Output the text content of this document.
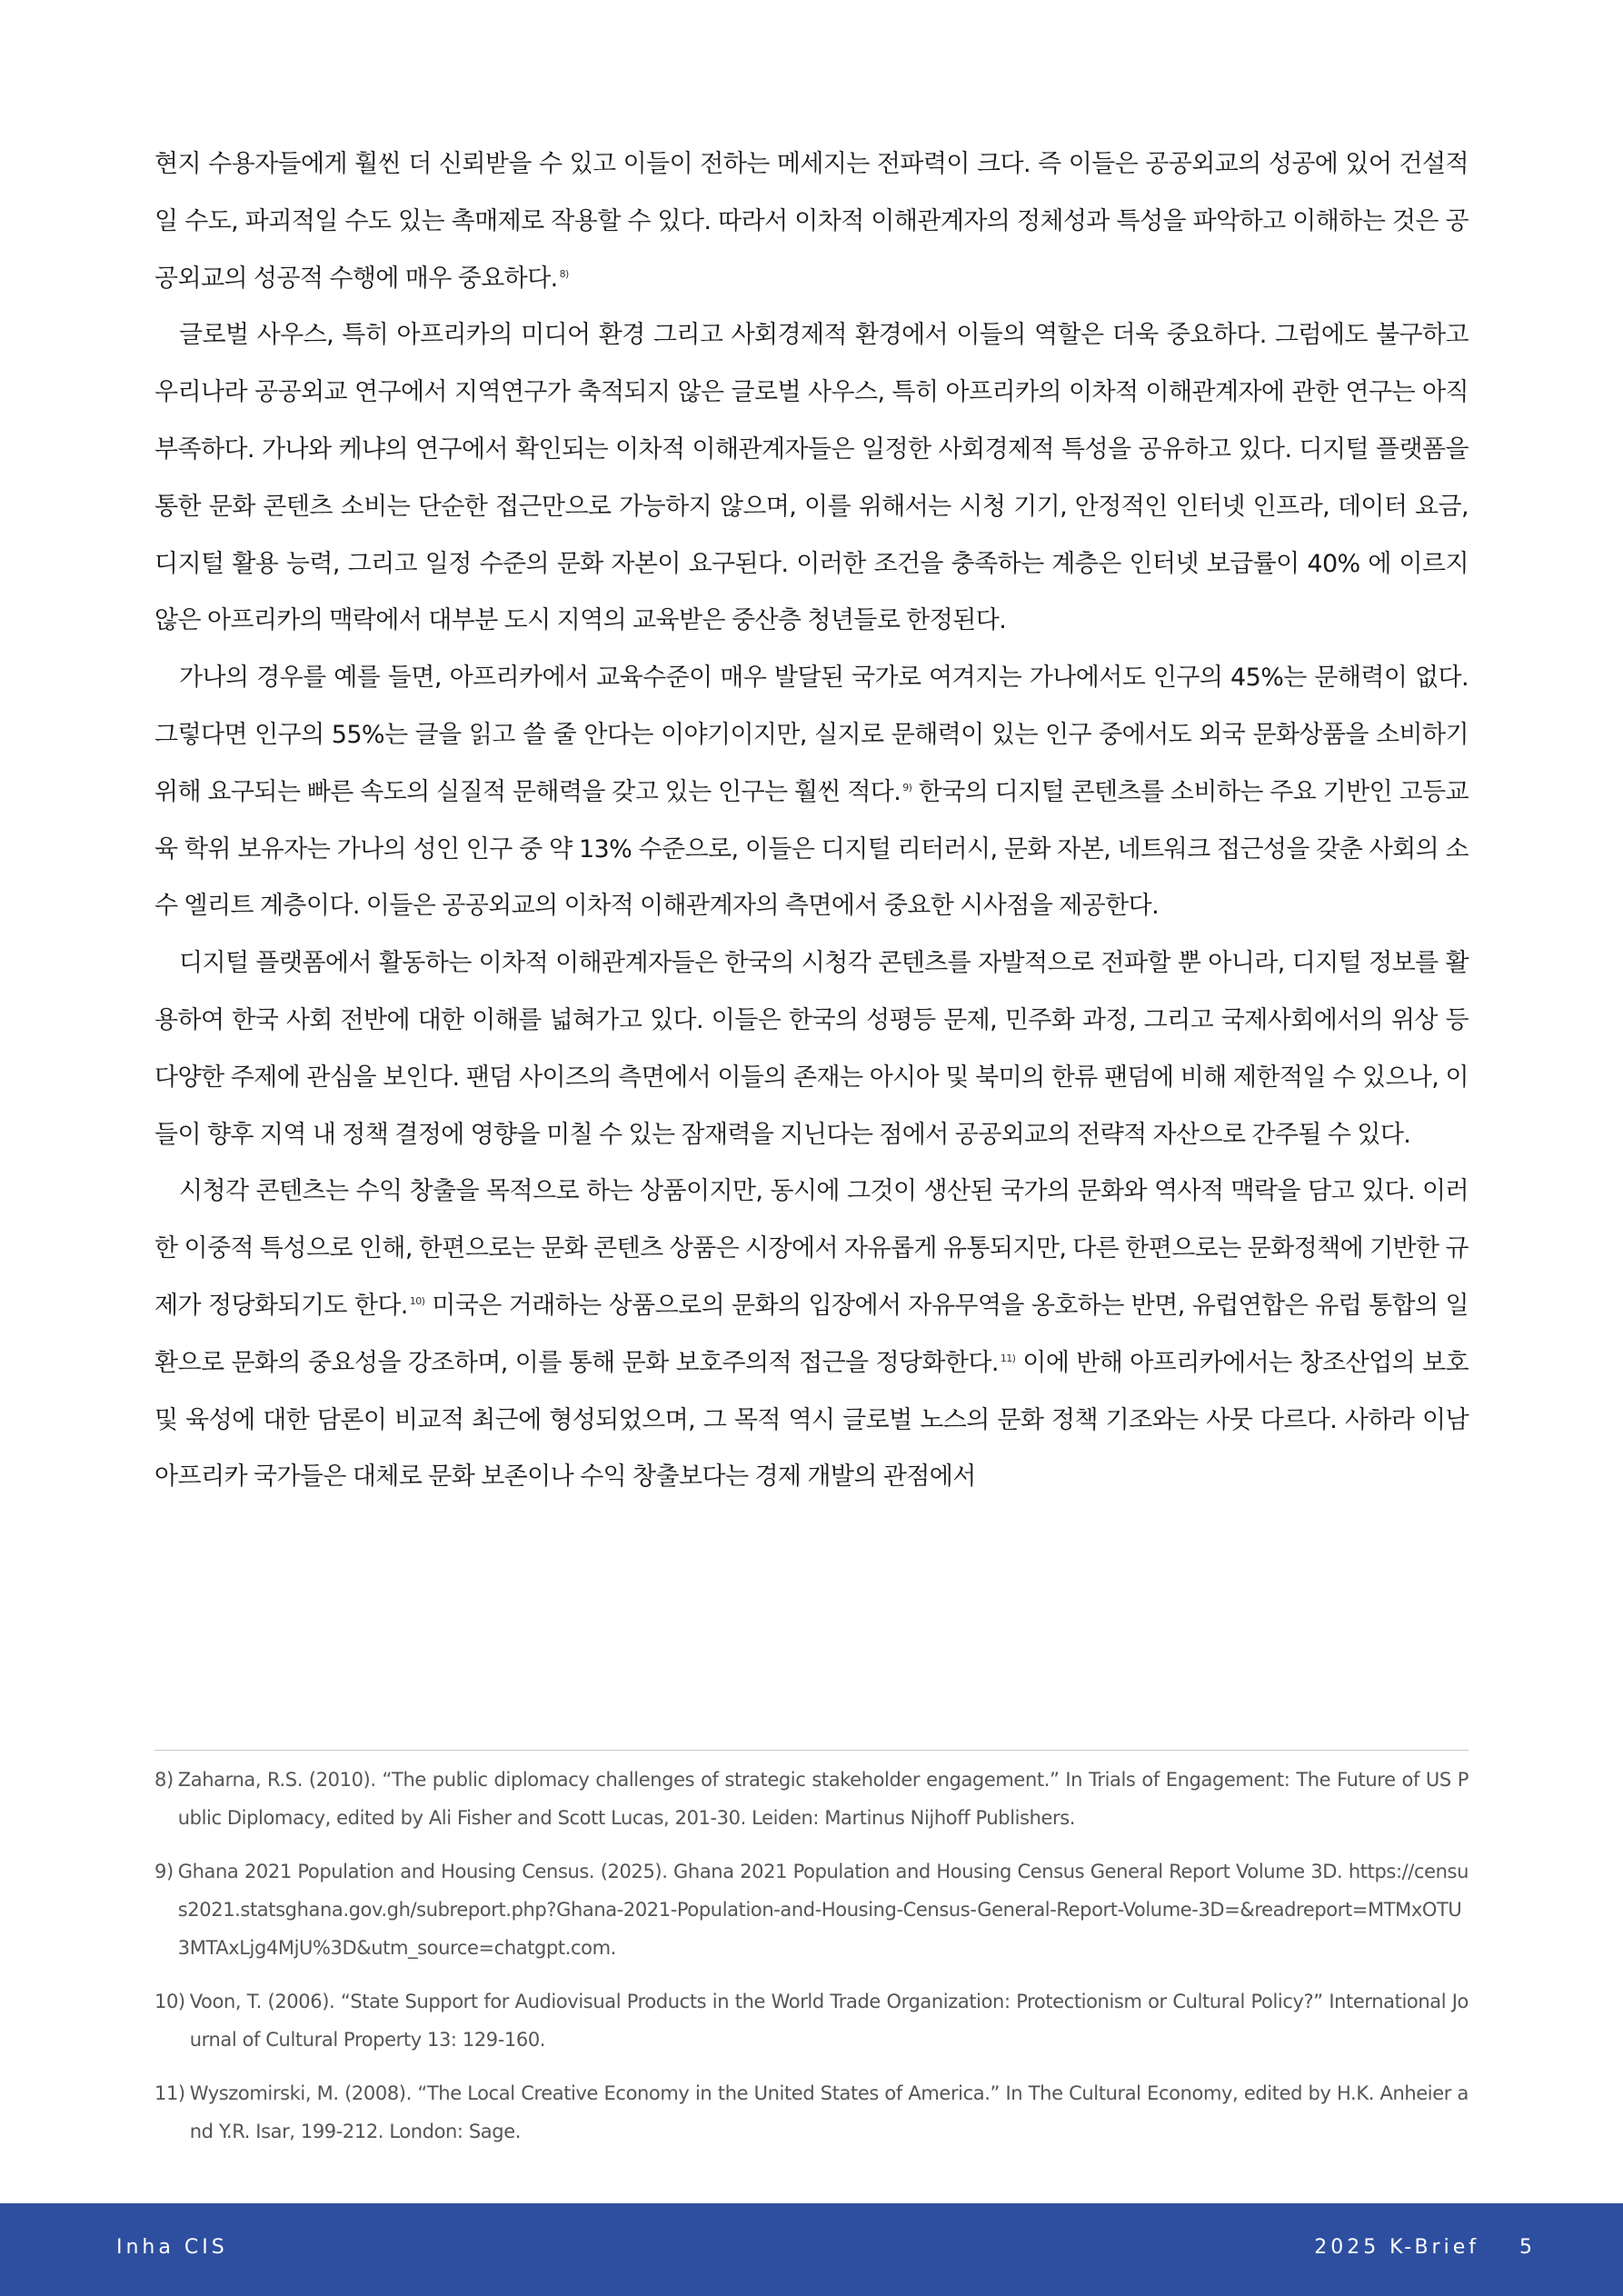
현지 수용자들에게 훨씬 더 신뢰받을 수 있고 이들이 전하는 메세지는 전파력이 크다. 즉 이들은 공공외교의 성공에 있어 건설적일 수도, 파괴적일 수도 있는 촉매제로 작용할 수 있다. 따라서 이차적 이해관계자의 정체성과 특성을 파악하고 이해하는 것은 공공외교의 성공적 수행에 매우 중요하다. $^{8)}$

글로벌 사우스, 특히 아프리카의 미디어 환경 그리고 사회경제적 환경에서 이들의 역할은 더욱 중요하다. 그럼에도 불구하고 우리나라 공공외교 연구에서 지역연구가 축적되지 않은 글로벌 사우스, 특히 아프리카의 이차적 이해관계자에 관한 연구는 아직 부족하다. 가나와 케냐의 연구에서 확인되는 이차적 이해관계자들은 일정한 사회경제적 특성을 공유하고 있다. 디지털 플랫폼을 통한 문화 콘텐츠 소비는 단순한 접근만으로 가능하지 않으며, 이를 위해서는 시청 기기, 안정적인 인터넷 인프라, 데이터 요금, 디지털 활용 능력, 그리고 일정 수준의 문화 자본이 요구된다. 이러한 조건을 충족하는 계층은 인터넷 보급률이 40% 에 이르지 않은 아프리카의 맥락에서 대부분 도시 지역의 교육받은 중산층 청년들로 한정된다.

가나의 경우를 예를 들면, 아프리카에서 교육수준이 매우 발달된 국가로 여겨지는 가나에서도 인구의 45%는 문해력이 없다. 그렇다면 인구의 55%는 글을 읽고 쓸 줄 안다는 이야기이지만, 실지로 문해력이 있는 인구 중에서도 외국 문화상품을 소비하기 위해 요구되는 빠른 속도의 실질적 문해력을 갖고 있는 인구는 훨씬 적다. $^{9)}$ 한국의 디지털 콘텐츠를 소비하는 주요 기반인 고등교육 학위 보유자는 가나의 성인 인구 중 약 13% 수준으로, 이들은 디지털 리터러시, 문화 자본, 네트워크 접근성을 갖춘 사회의 소수 엘리트 계층이다. 이들은 공공외교의 이차적 이해관계자의 측면에서 중요한 시사점을 제공한다.

디지털 플랫폼에서 활동하는 이차적 이해관계자들은 한국의 시청각 콘텐츠를 자발적으로 전파할 뿐 아니라, 디지털 정보를 활용하여 한국 사회 전반에 대한 이해를 넓혀가고 있다. 이들은 한국의 성평등 문제, 민주화 과정, 그리고 국제사회에서의 위상 등 다양한 주제에 관심을 보인다. 팬덤 사이즈의 측면에서 이들의 존재는 아시아 및 북미의 한류 팬덤에 비해 제한적일 수 있으나, 이들이 향후 지역 내 정책 결정에 영향을 미칠 수 있는 잠재력을 지닌다는 점에서 공공외교의 전략적 자산으로 간주될 수 있다.

시청각 콘텐츠는 수익 창출을 목적으로 하는 상품이지만, 동시에 그것이 생산된 국가의 문화와 역사적 맥락을 담고 있다. 이러한 이중적 특성으로 인해, 한편으로는 문화 콘텐츠 상품은 시장에서 자유롭게 유통되지만, 다른 한편으로는 문화정책에 기반한 규제가 정당화되기도 한다. $^{10)}$ 미국은 거래하는 상품으로의 문화의 입장에서 자유무역을 옹호하는 반면, 유럽연합은 유럽 통합의 일환으로 문화의 중요성을 강조하며, 이를 통해 문화 보호주의적 접근을 정당화한다. $^{11)}$ 이에 반해 아프리카에서는 창조산업의 보호 및 육성에 대한 담론이 비교적 최근에 형성되었으며, 그 목적 역시 글로벌 노스의 문화 정책 기조와는 사뭇 다르다. 사하라 이남 아프리카 국가들은 대체로 문화 보존이나 수익 창출보다는 경제 개발의 관점에서

8) Zaharna, R.S. (2010). “The public diplomacy challenges of strategic stakeholder engagement.” In Trials of Engagement: The Future of US Public Diplomacy, edited by Ali Fisher and Scott Lucas, 201-30. Leiden: Martinus Nijhoff Publishers.
9) Ghana 2021 Population and Housing Census. (2025). Ghana 2021 Population and Housing Census General Report Volume 3D. https://census2021.statsghana.gov.gh/subreport.php?Ghana-2021-Population-and-Housing-Census-General-Report-Volume-3D=&readreport=MTMxOTU3MTAxLjg4MjU%3D&utm_source=chatgpt.com.
10) Voon, T. (2006). “State Support for Audiovisual Products in the World Trade Organization: Protectionism or Cultural Policy?” International Journal of Cultural Property 13: 129-160.
11) Wyszomirski, M. (2008). “The Local Creative Economy in the United States of America.” In The Cultural Economy, edited by H.K. Anheier and Y.R. Isar, 199-212. London: Sage.
Inha CIS	2025 K-Brief 5
